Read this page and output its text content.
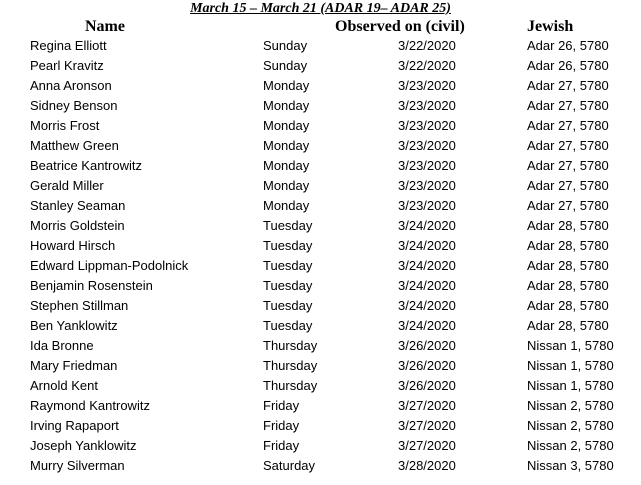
March 15 – March 21 (ADAR 19– ADAR 25)
Name	Observed on (civil)	Jewish
Regina Elliott	Sunday	3/22/2020	Adar 26, 5780
Pearl Kravitz	Sunday	3/22/2020	Adar 26, 5780
Anna Aronson	Monday	3/23/2020	Adar 27, 5780
Sidney Benson	Monday	3/23/2020	Adar 27, 5780
Morris Frost	Monday	3/23/2020	Adar 27, 5780
Matthew Green	Monday	3/23/2020	Adar 27, 5780
Beatrice Kantrowitz	Monday	3/23/2020	Adar 27, 5780
Gerald Miller	Monday	3/23/2020	Adar 27, 5780
Stanley Seaman	Monday	3/23/2020	Adar 27, 5780
Morris Goldstein	Tuesday	3/24/2020	Adar 28, 5780
Howard Hirsch	Tuesday	3/24/2020	Adar 28, 5780
Edward Lippman-Podolnick	Tuesday	3/24/2020	Adar 28, 5780
Benjamin Rosenstein	Tuesday	3/24/2020	Adar 28, 5780
Stephen Stillman	Tuesday	3/24/2020	Adar 28, 5780
Ben Yanklowitz	Tuesday	3/24/2020	Adar 28, 5780
Ida Bronne	Thursday	3/26/2020	Nissan 1, 5780
Mary Friedman	Thursday	3/26/2020	Nissan 1, 5780
Arnold Kent	Thursday	3/26/2020	Nissan 1, 5780
Raymond Kantrowitz	Friday	3/27/2020	Nissan 2, 5780
Irving Rapaport	Friday	3/27/2020	Nissan 2, 5780
Joseph Yanklowitz	Friday	3/27/2020	Nissan 2, 5780
Murry Silverman	Saturday	3/28/2020	Nissan 3, 5780
